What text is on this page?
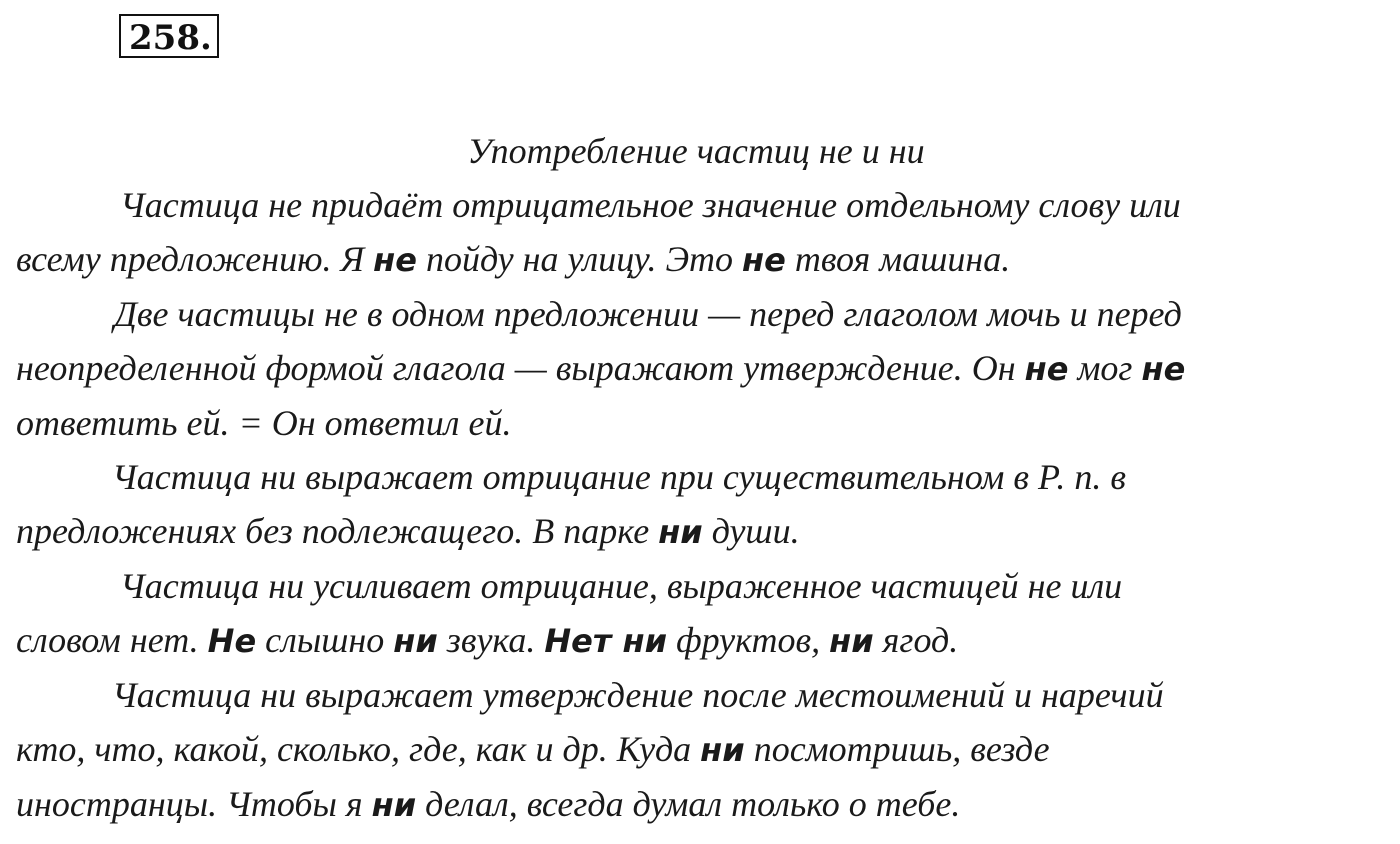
258.

Употребление частиц не и ни

Частица не придаёт отрицательное значение отдельному слову или
всему предложению. Я не пойду на улицу. Это не твоя машина.
Две частицы не в одном предложении — перед глаголом мочь и перед
неопределенной формой глагола — выражают утверждение. Он не мог не
ответить ей. = Он ответил ей.
Частица ни выражает отрицание при существительном в Р. п. в
предложениях без подлежащего. В парке ни души.
Частица ни усиливает отрицание, выраженное частицей не или
словом нет. Не слышно ни звука. Нет ни фруктов, ни ягод.
Частица ни выражает утверждение после местоимений и наречий
кто, что, какой, сколько, где, как и др. Куда ни посмотришь, везде
иностранцы. Чтобы я ни делал, всегда думал только о тебе.
